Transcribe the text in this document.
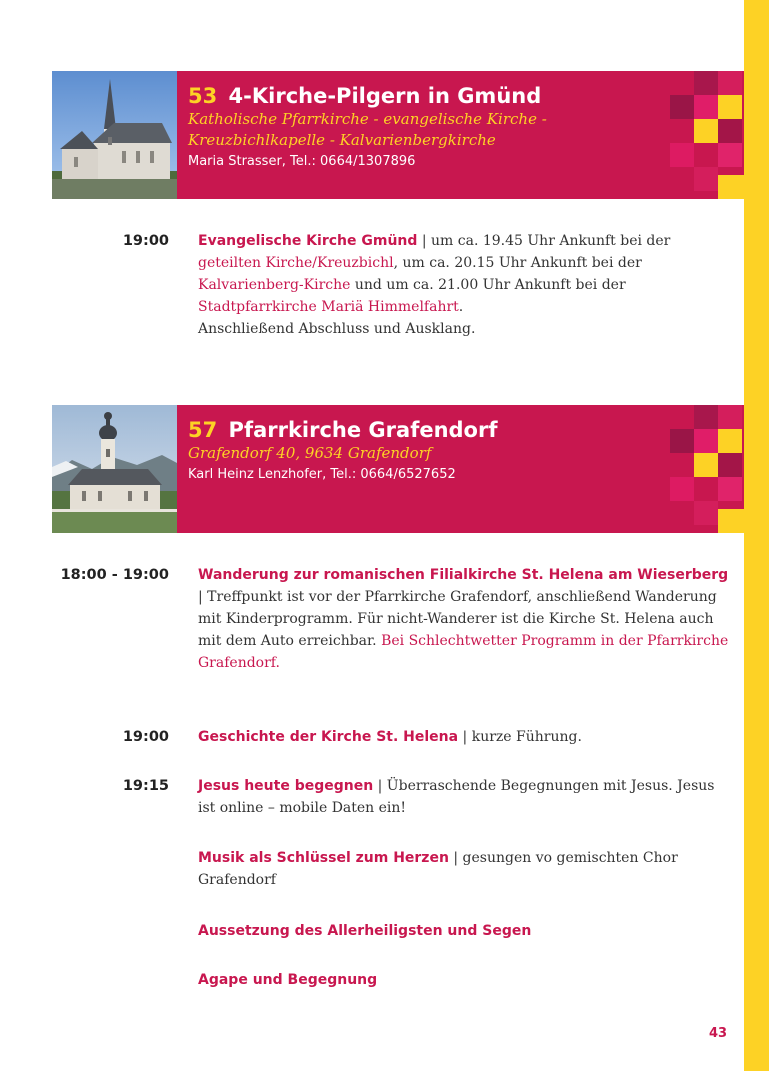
53 4-Kirche-Pilgern in Gmünd
Katholische Pfarrkirche - evangelische Kirche -
Kreuzbichlkapelle - Kalvarienbergkirche
Maria Strasser, Tel.: 0664/1307896
19:00 Evangelische Kirche Gmünd | um ca. 19.45 Uhr Ankunft bei der geteilten Kirche/Kreuzbichl, um ca. 20.15 Uhr Ankunft bei der Kalvarienberg-Kirche und um ca. 21.00 Uhr Ankunft bei der Stadtpfarrkirche Mariä Himmelfahrt.
Anschließend Abschluss und Ausklang.
57 Pfarrkirche Grafendorf
Grafendorf 40, 9634 Grafendorf
Karl Heinz Lenzhofer, Tel.: 0664/6527652
18:00 - 19:00 Wanderung zur romanischen Filialkirche St. Helena am Wieserberg | Treffpunkt ist vor der Pfarrkirche Grafendorf, anschließend Wanderung mit Kinderprogramm. Für nicht-Wanderer ist die Kirche St. Helena auch mit dem Auto erreichbar. Bei Schlechtwetter Programm in der Pfarrkirche Grafendorf.
19:00 Geschichte der Kirche St. Helena | kurze Führung.
19:15 Jesus heute begegnen | Überraschende Begegnungen mit Jesus. Jesus ist online – mobile Daten ein!
Musik als Schlüssel zum Herzen | gesungen vo gemischten Chor Grafendorf
Aussetzung des Allerheiligsten und Segen
Agape und Begegnung
43
